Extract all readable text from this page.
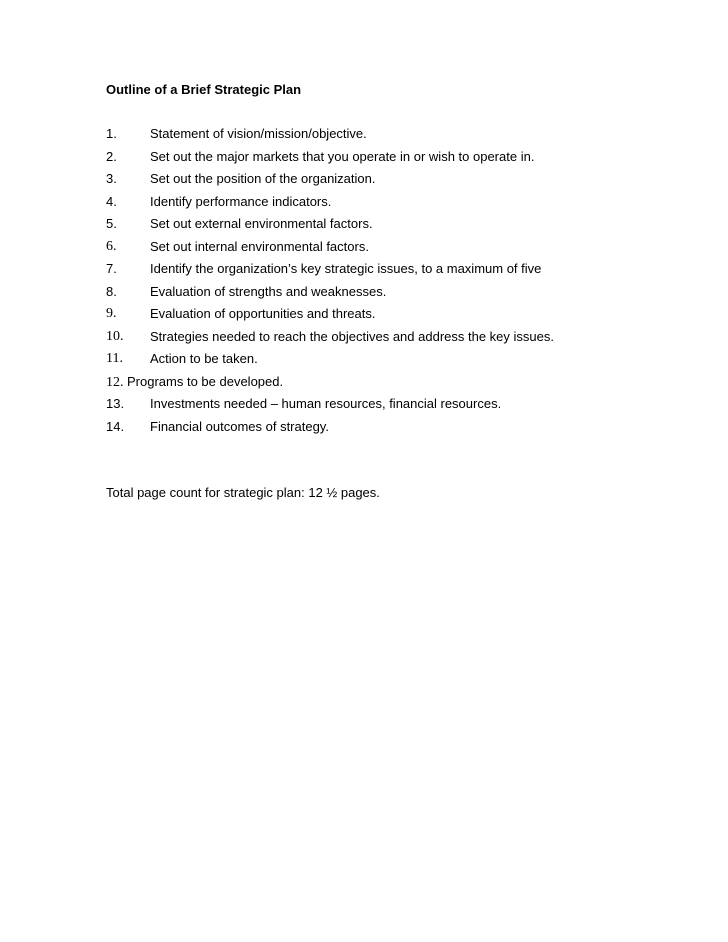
Outline of a Brief Strategic Plan
1.	Statement of vision/mission/objective.
2.	Set out the major markets that you operate in or wish to operate in.
3.	Set out the position of the organization.
4.	Identify performance indicators.
5.	Set out external environmental factors.
6.	Set out internal environmental factors.
7.	Identify the organization’s key strategic issues, to a maximum of five
8.	Evaluation of strengths and weaknesses.
9.	Evaluation of opportunities and threats.
10. Strategies needed to reach the objectives and address the key issues.
11. Action to be taken.
12. Programs to be developed.
13. Investments needed – human resources, financial resources.
14. Financial outcomes of strategy.
Total page count for strategic plan: 12 ½ pages.
